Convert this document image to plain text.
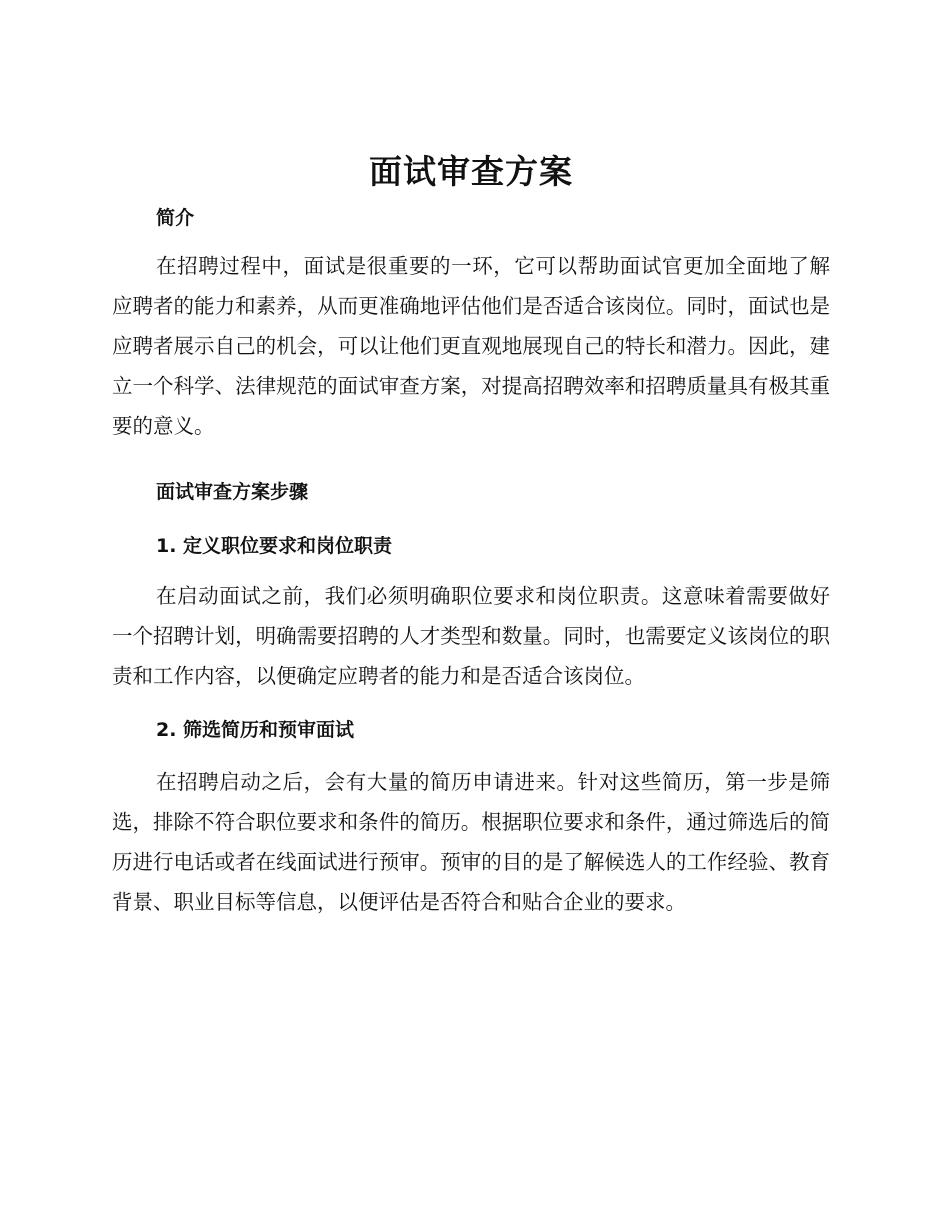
面试审查方案
简介

在招聘过程中，面试是很重要的一环，它可以帮助面试官更加全面地了解应聘者的能力和素养，从而更准确地评估他们是否适合该岗位。同时，面试也是应聘者展示自己的机会，可以让他们更直观地展现自己的特长和潜力。因此，建立一个科学、法律规范的面试审查方案，对提高招聘效率和招聘质量具有极其重要的意义。

面试审查方案步骤
1. 定义职位要求和岗位职责

在启动面试之前，我们必须明确职位要求和岗位职责。这意味着需要做好一个招聘计划，明确需要招聘的人才类型和数量。同时，也需要定义该岗位的职责和工作内容，以便确定应聘者的能力和是否适合该岗位。

2. 筛选简历和预审面试

在招聘启动之后，会有大量的简历申请进来。针对这些简历，第一步是筛选，排除不符合职位要求和条件的简历。根据职位要求和条件，通过筛选后的简历进行电话或者在线面试进行预审。预审的目的是了解候选人的工作经验、教育背景、职业目标等信息，以便评估是否符合和贴合企业的要求。
